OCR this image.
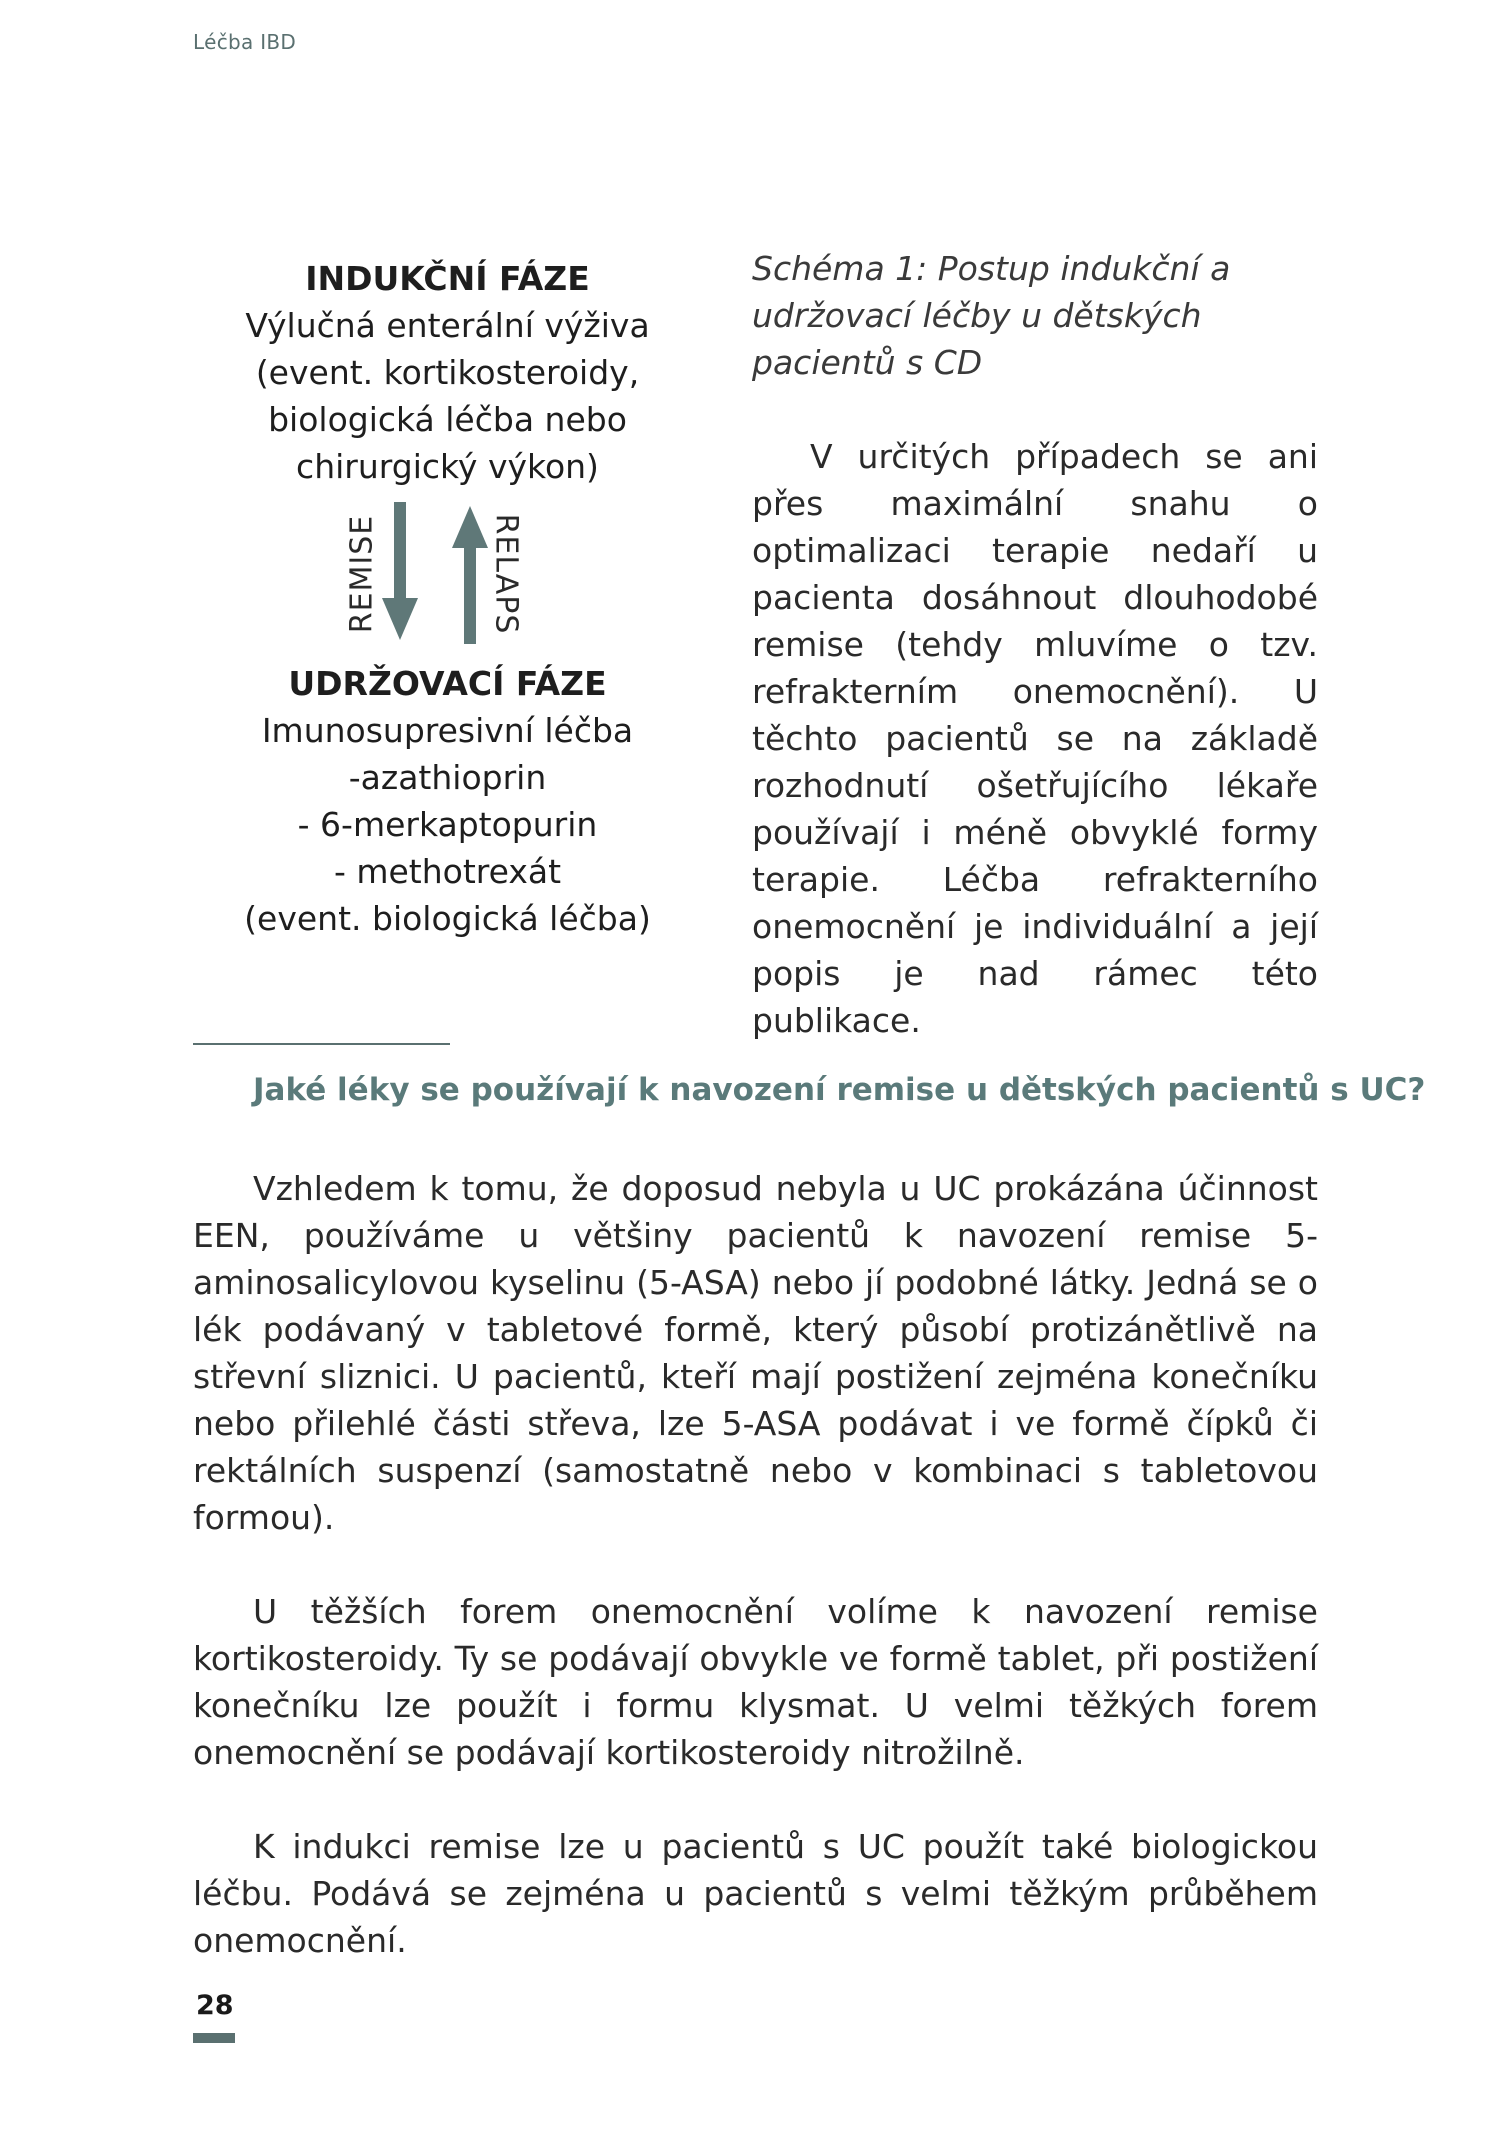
Léčba IBD
INDUKČNÍ FÁZE
Výlučná enterální výživa
(event. kortikosteroidy,
biologická léčba nebo
chirurgický výkon)
UDRŽOVACÍ FÁZE
Imunosupresivní léčba
-azathioprin
- 6-merkaptopurin
- methotrexát
(event. biologická léčba)
REMISE	RELAPS

Schéma 1: Postup indukční a udržovací léčby u dětských pacientů s CD

V určitých případech se ani přes maximální snahu o optimalizaci terapie nedaří u pacienta dosáhnout dlouhodobé remise (tehdy mluvíme o tzv. refrakterním onemocnění). U těchto pacientů se na základě rozhodnutí ošetřujícího lékaře používají i méně obvyklé formy terapie. Léčba refrakterního onemocnění je individuální a její popis je nad rámec této publikace.

Jaké léky se používají k navození remise u dětských pacientů s UC?

Vzhledem k tomu, že doposud nebyla u UC prokázána účinnost EEN, používáme u většiny pacientů k navození remise 5-aminosalicylovou kyselinu (5-ASA) nebo jí podobné látky. Jedná se o lék podávaný v tabletové formě, který působí protizánětlivě na střevní sliznici. U pacientů, kteří mají postižení zejména konečníku nebo přilehlé části střeva, lze 5-ASA podávat i ve formě čípků či rektálních suspenzí (samostatně nebo v kombinaci s tabletovou formou).

U těžších forem onemocnění volíme k navození remise kortikosteroidy. Ty se podávají obvykle ve formě tablet, při postižení konečníku lze použít i formu klysmat. U velmi těžkých forem onemocnění se podávají kortikosteroidy nitrožilně.

K indukci remise lze u pacientů s UC použít také biologickou léčbu. Podává se zejména u pacientů s velmi těžkým průběhem onemocnění.

28
